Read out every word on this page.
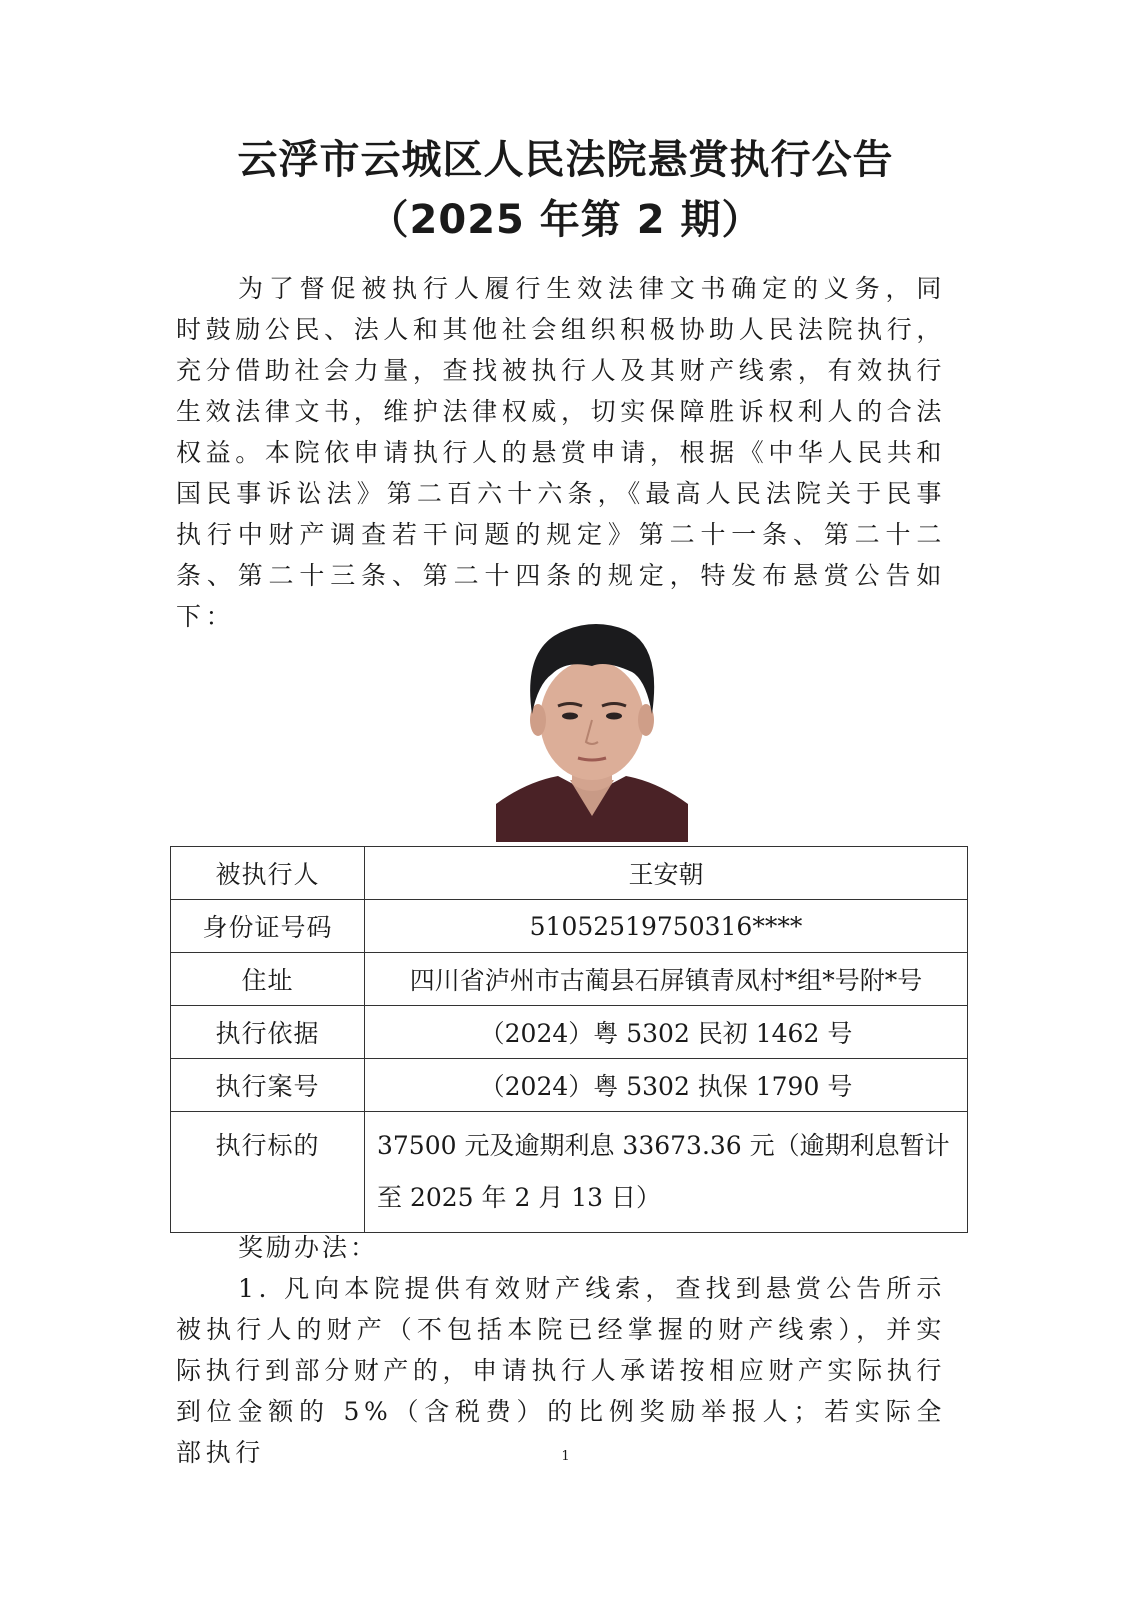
云浮市云城区人民法院悬赏执行公告
（2025 年第 2 期）
为了督促被执行人履行生效法律文书确定的义务，同时鼓励公民、法人和其他社会组织积极协助人民法院执行，充分借助社会力量，查找被执行人及其财产线索，有效执行生效法律文书，维护法律权威，切实保障胜诉权利人的合法权益。本院依申请执行人的悬赏申请，根据《中华人民共和国民事诉讼法》第二百六十六条，《最高人民法院关于民事执行中财产调查若干问题的规定》第二十一条、第二十二条、第二十三条、第二十四条的规定，特发布悬赏公告如下：
被执行人	王安朝
身份证号码	51052519750316****
住址	四川省泸州市古蔺县石屏镇青凤村*组*号附*号
执行依据	（2024）粤 5302 民初 1462 号
执行案号	（2024）粤 5302 执保 1790 号
执行标的	37500 元及逾期利息 33673.36 元（逾期利息暂计至 2025 年 2 月 13 日）
奖励办法：
1. 凡向本院提供有效财产线索，查找到悬赏公告所示被执行人的财产（不包括本院已经掌握的财产线索），并实际执行到部分财产的，申请执行人承诺按相应财产实际执行到位金额的 5%（含税费）的比例奖励举报人；若实际全部执行	1
